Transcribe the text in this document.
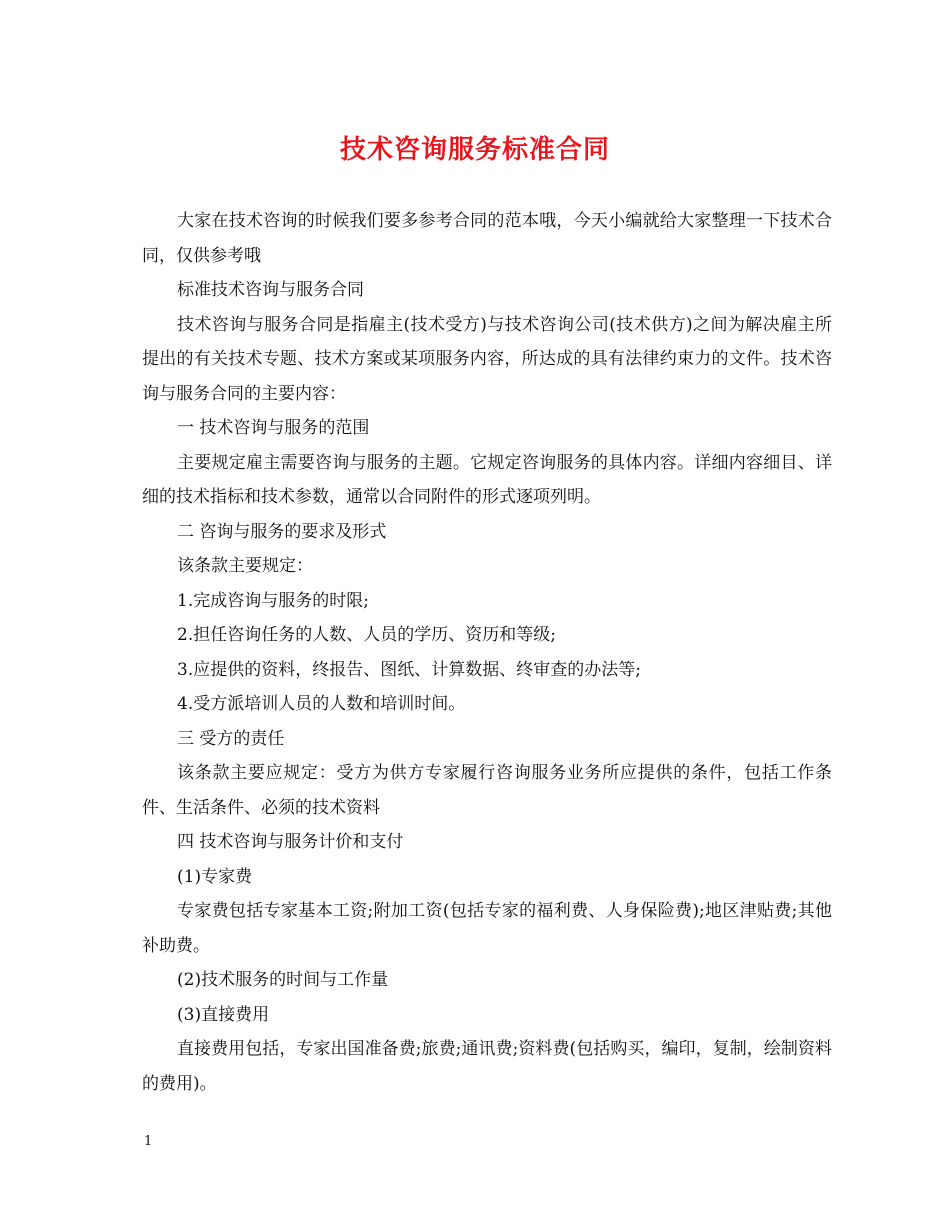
技术咨询服务标准合同

大家在技术咨询的时候我们要多参考合同的范本哦，今天小编就给大家整理一下技术合同，仅供参考哦

标准技术咨询与服务合同

技术咨询与服务合同是指雇主(技术受方)与技术咨询公司(技术供方)之间为解决雇主所提出的有关技术专题、技术方案或某项服务内容，所达成的具有法律约束力的文件。技术咨询与服务合同的主要内容：

一 技术咨询与服务的范围

主要规定雇主需要咨询与服务的主题。它规定咨询服务的具体内容。详细内容细目、详细的技术指标和技术参数，通常以合同附件的形式逐项列明。

二 咨询与服务的要求及形式

该条款主要规定：

1.完成咨询与服务的时限;

2.担任咨询任务的人数、人员的学历、资历和等级;

3.应提供的资料，终报告、图纸、计算数据、终审查的办法等;

4.受方派培训人员的人数和培训时间。

三 受方的责任

该条款主要应规定：受方为供方专家履行咨询服务业务所应提供的条件，包括工作条 件、生活条件、必须的技术资料

四 技术咨询与服务计价和支付

(1)专家费

专家费包括专家基本工资;附加工资(包括专家的福利费、人身保险费);地区津贴费;其他补助费。

(2)技术服务的时间与工作量

(3)直接费用

直接费用包括，专家出国准备费;旅费;通讯费;资料费(包括购买，编印，复制，绘制资料的费用)。

1
